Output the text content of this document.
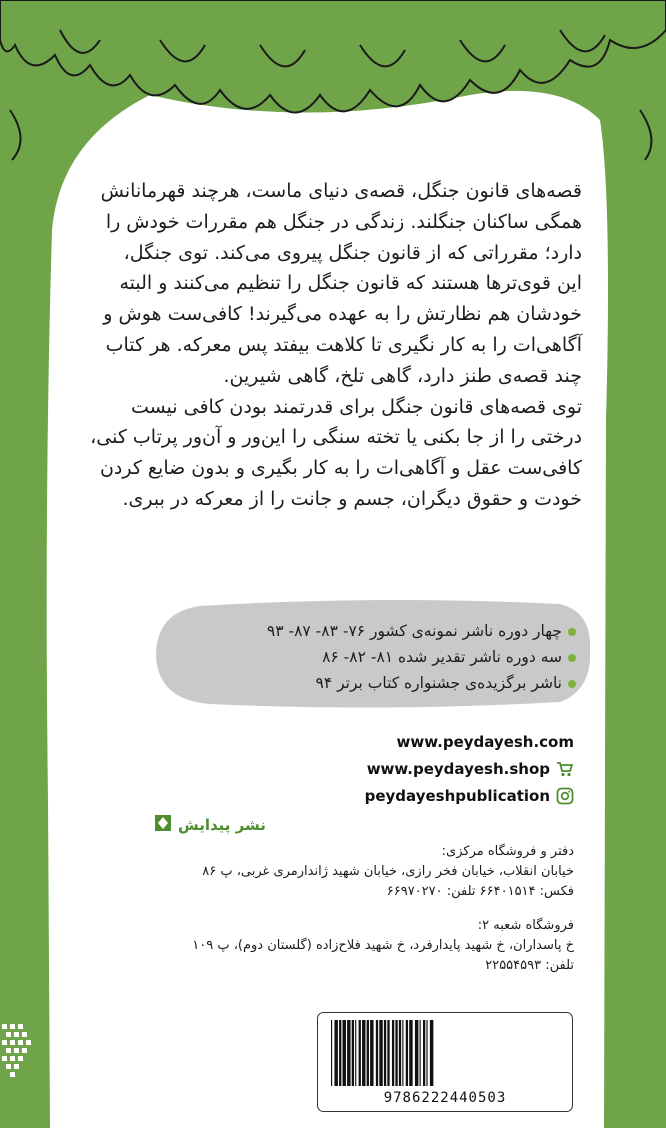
قصه‌های قانون جنگل، قصه‌ی دنیای ماست، هرچند قهرمانانش
همگی ساکنان جنگلند. زندگی در جنگل هم مقررات خودش را
دارد؛ مقرراتی که از قانون جنگل پیروی می‌کند. توی جنگل،
این قوی‌ترها هستند که قانون جنگل را تنظیم می‌کنند و البته
خودشان هم نظارتش را به عهده می‌گیرند! کافی‌ست هوش و
آگاهی‌ات را به کار نگیری تا کلاهت بیفتد پس معرکه. هر کتاب
چند قصه‌ی طنز دارد، گاهی تلخ، گاهی شیرین.
توی قصه‌های قانون جنگل برای قدرتمند بودن کافی نیست
درختی را از جا بکنی یا تخته سنگی را این‌ور و آن‌ور پرتاب کنی،
کافی‌ست عقل و آگاهی‌ات را به کار بگیری و بدون ضایع کردن
خودت و حقوق دیگران، جسم و جانت را از معرکه در ببری.
چهار دوره ناشر نمونه‌ی کشور ۷۶- ۸۳- ۸۷- ۹۳
سه دوره ناشر تقدیر شده ۸۱- ۸۲- ۸۶
ناشر برگزیده‌ی جشنواره کتاب برتر ۹۴
www.peydayesh.com
www.peydayesh.shop
peydayeshpublication
نشر پیدایش
دفتر و فروشگاه مرکزی:
خیابان انقلاب، خیابان فخر رازی، خیابان شهید ژاندارمری غربی، پ ۸۶
فکس: ۶۶۴۰۱۵۱۴ تلفن: ۶۶۹۷۰۲۷۰
فروشگاه شعبه ۲:
خ پاسداران، خ شهید پایدارفرد، خ شهید فلاح‌زاده (گلستان دوم)، پ ۱۰۹
تلفن: ۲۲۵۵۴۵۹۳
9786222440503
